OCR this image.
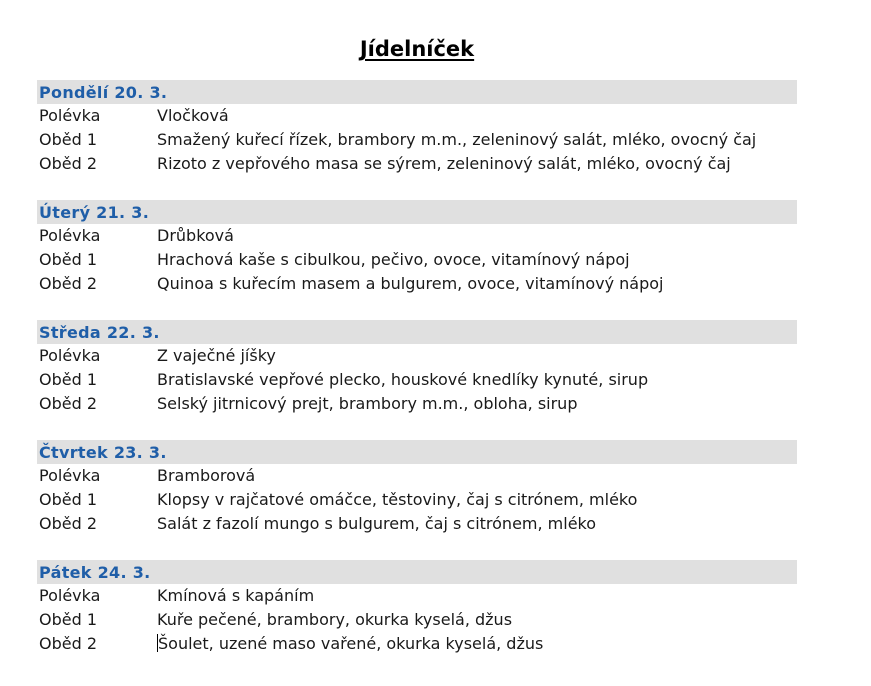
Jídelníček
Pondělí 20. 3.
Polévka	Vločková
Oběd 1	Smažený kuřecí řízek, brambory m.m., zeleninový salát, mléko, ovocný čaj
Oběd 2	Rizoto z vepřového masa se sýrem, zeleninový salát, mléko, ovocný čaj
Úterý 21. 3.
Polévka	Drůbková
Oběd 1	Hrachová kaše s cibulkou, pečivo, ovoce, vitamínový nápoj
Oběd 2	Quinoa s kuřecím masem a bulgurem, ovoce, vitamínový nápoj
Středa 22. 3.
Polévka	Z vaječné jíšky
Oběd 1	Bratislavské vepřové plecko, houskové knedlíky kynuté, sirup
Oběd 2	Selský jitrnicový prejt, brambory m.m., obloha, sirup
Čtvrtek 23. 3.
Polévka	Bramborová
Oběd 1	Klopsy v rajčatové omáčce, těstoviny, čaj s citrónem, mléko
Oběd 2	Salát z fazolí mungo s bulgurem, čaj s citrónem, mléko
Pátek 24. 3.
Polévka	Kmínová s kapáním
Oběd 1	Kuře pečené, brambory, okurka kyselá, džus
Oběd 2	Šoulet, uzené maso vařené, okurka kyselá, džus
